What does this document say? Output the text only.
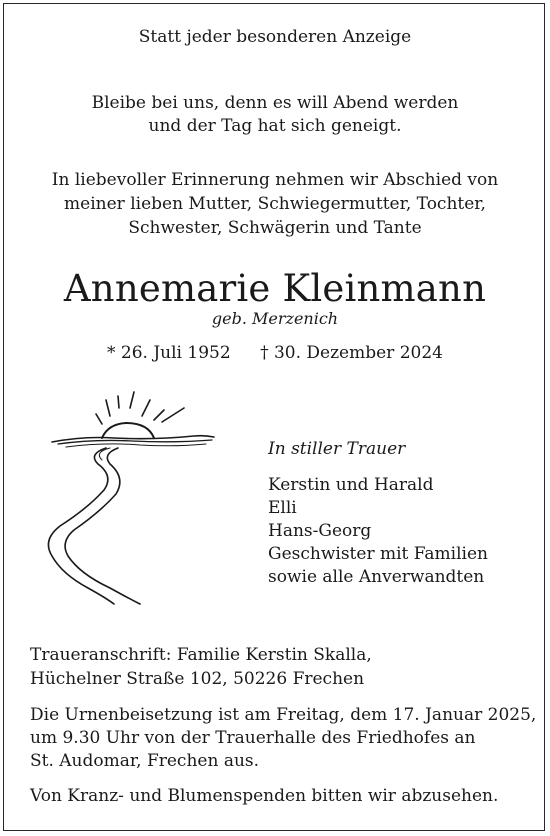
Statt jeder besonderen Anzeige
Bleibe bei uns, denn es will Abend werden
und der Tag hat sich geneigt.
In liebevoller Erinnerung nehmen wir Abschied von
meiner lieben Mutter, Schwiegermutter, Tochter,
Schwester, Schwägerin und Tante
Annemarie Kleinmann
geb. Merzenich
* 26. Juli 1952 † 30. Dezember 2024
In stiller Trauer
Kerstin und Harald
Elli
Hans-Georg
Geschwister mit Familien
sowie alle Anverwandten
Traueranschrift: Familie Kerstin Skalla,
Hüchelner Straße 102, 50226 Frechen
Die Urnenbeisetzung ist am Freitag, dem 17. Januar 2025,
um 9.30 Uhr von der Trauerhalle des Friedhofes an
St. Audomar, Frechen aus.
Von Kranz- und Blumenspenden bitten wir abzusehen.
